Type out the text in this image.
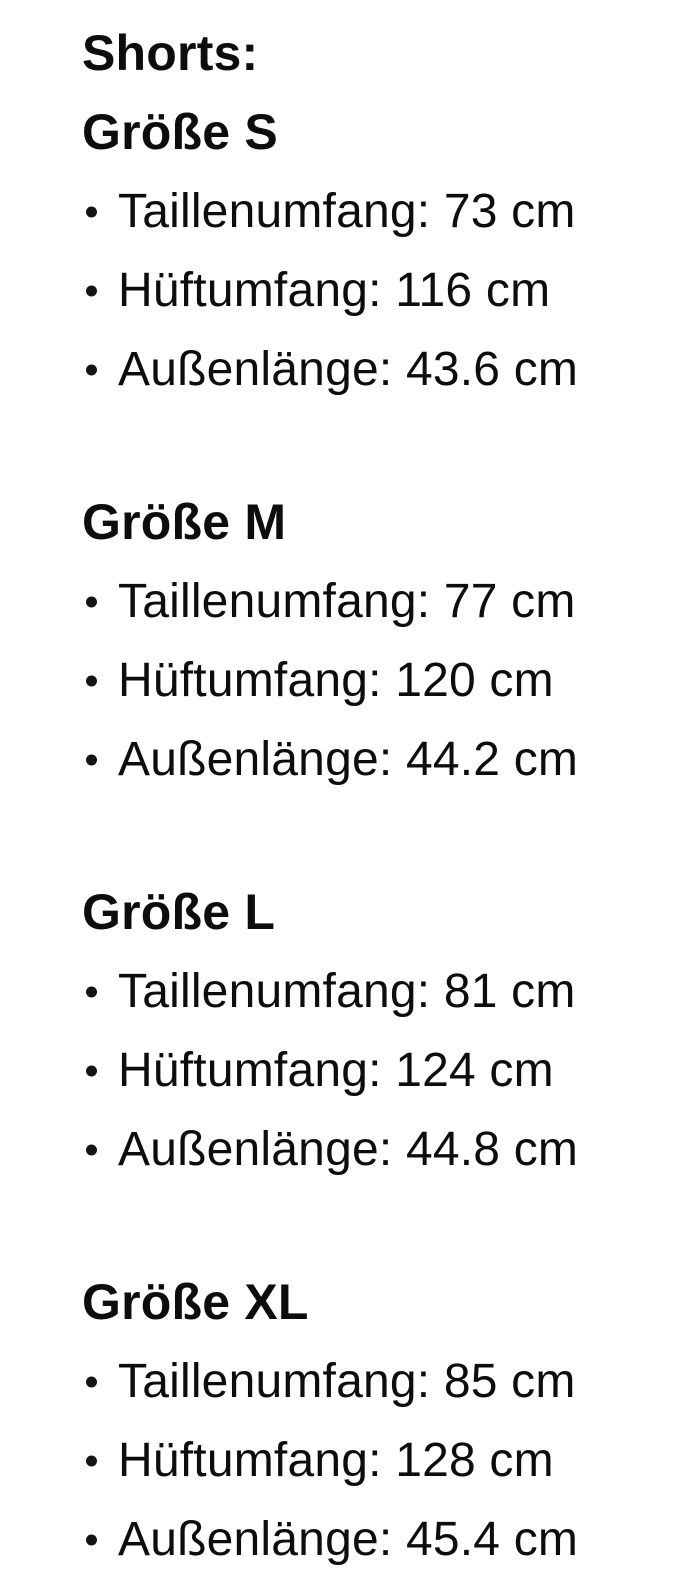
Shorts:
Größe S
Taillenumfang: 73 cm
Hüftumfang: 116 cm
Außenlänge: 43.6 cm
Größe M
Taillenumfang: 77 cm
Hüftumfang: 120 cm
Außenlänge: 44.2 cm
Größe L
Taillenumfang: 81 cm
Hüftumfang: 124 cm
Außenlänge: 44.8 cm
Größe XL
Taillenumfang: 85 cm
Hüftumfang: 128 cm
Außenlänge: 45.4 cm
